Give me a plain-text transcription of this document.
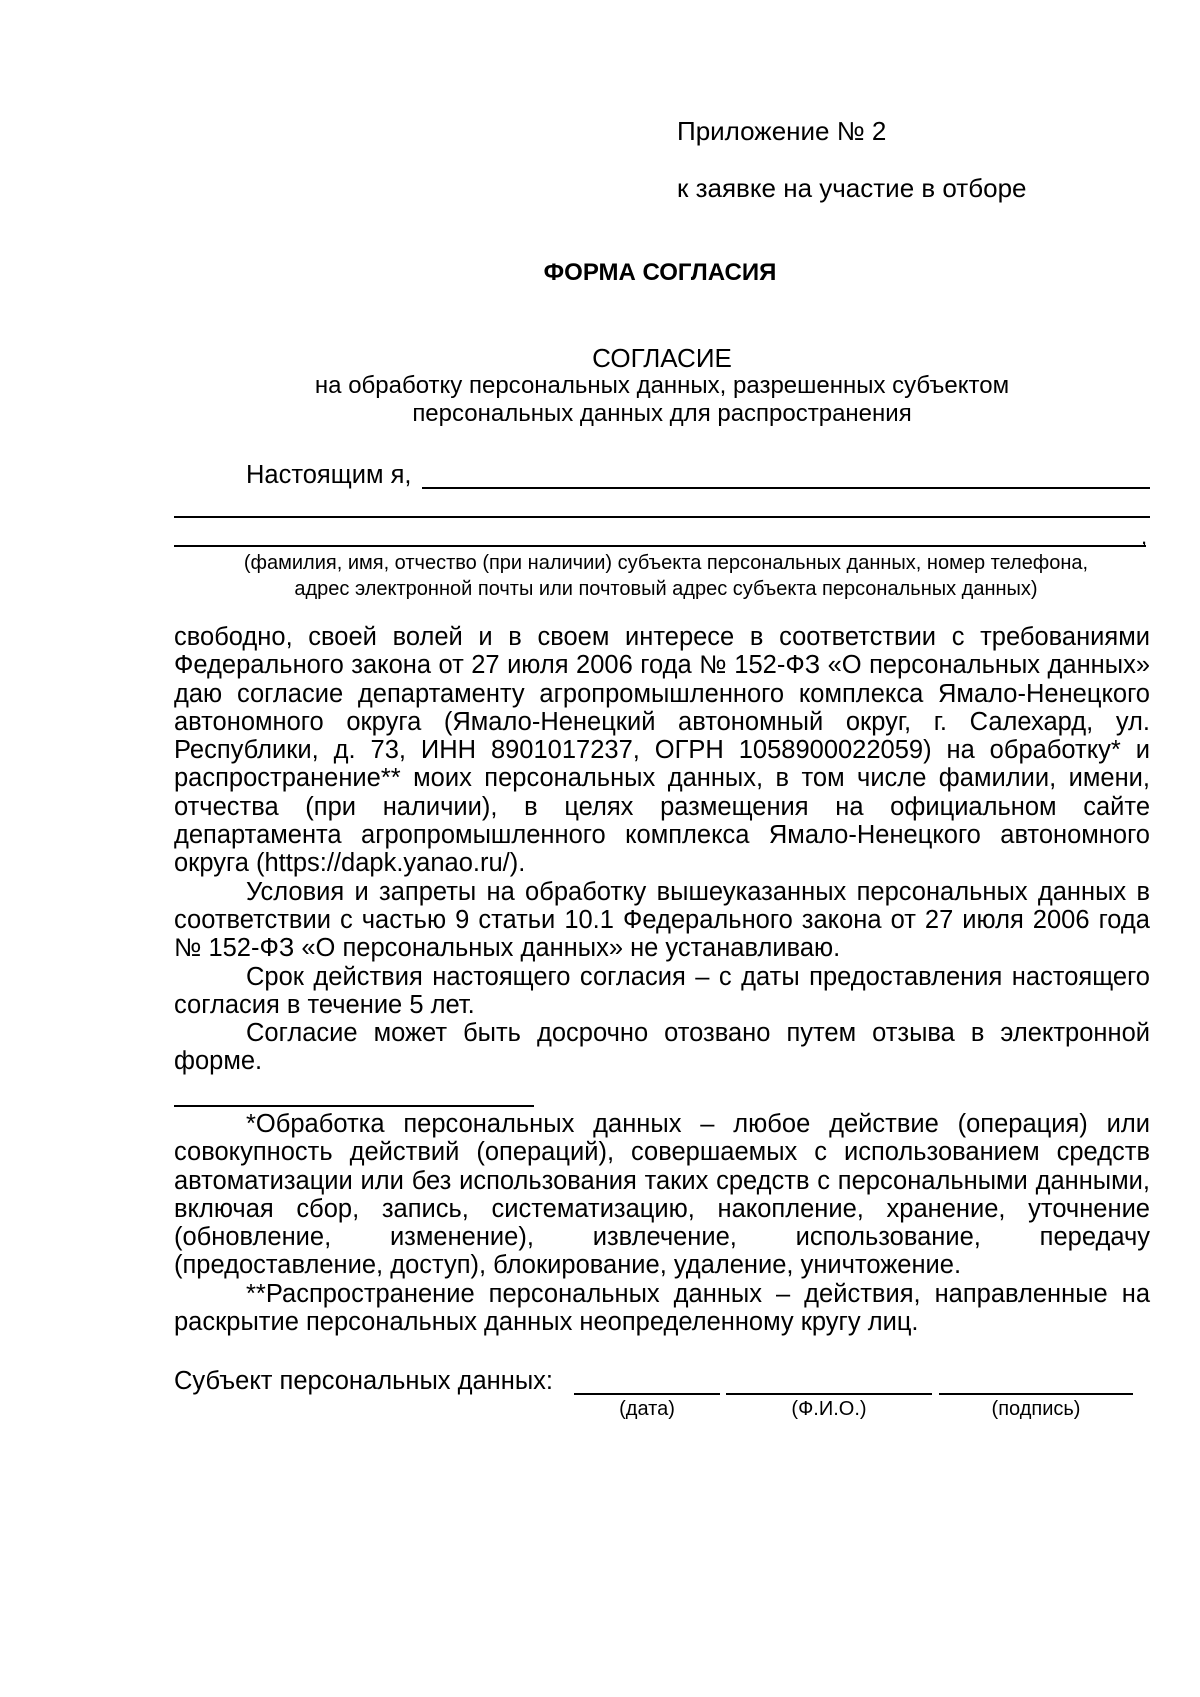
Приложение № 2
к заявке на участие в отборе
ФОРМА СОГЛАСИЯ
СОГЛАСИЕ
на обработку персональных данных, разрешенных субъектом
персональных данных для распространения
Настоящим я,
,
(фамилия, имя, отчество (при наличии) субъекта персональных данных, номер телефона, адрес электронной почты или почтовый адрес субъекта персональных данных)

свободно, своей волей и в своем интересе в соответствии с требованиями Федерального закона от 27 июля 2006 года № 152-ФЗ «О персональных данных» даю согласие департаменту агропромышленного комплекса Ямало-Ненецкого автономного округа (Ямало-Ненецкий автономный округ, г. Салехард, ул. Республики, д. 73, ИНН 8901017237, ОГРН 1058900022059) на обработку* и распространение** моих персональных данных, в том числе фамилии, имени, отчества (при наличии), в целях размещения на официальном сайте департамента агропромышленного комплекса Ямало-Ненецкого автономного округа (https://dapk.yanao.ru/).

Условия и запреты на обработку вышеуказанных персональных данных в соответствии с частью 9 статьи 10.1 Федерального закона от 27 июля 2006 года № 152-ФЗ «О персональных данных» не устанавливаю.

Срок действия настоящего согласия – с даты предоставления настоящего согласия в течение 5 лет.

Согласие может быть досрочно отозвано путем отзыва в электронной форме.

*Обработка персональных данных – любое действие (операция) или совокупность действий (операций), совершаемых с использованием средств автоматизации или без использования таких средств с персональными данными, включая сбор, запись, систематизацию, накопление, хранение, уточнение (обновление, изменение), извлечение, использование, передачу (предоставление, доступ), блокирование, удаление, уничтожение.

**Распространение персональных данных – действия, направленные на раскрытие персональных данных неопределенному кругу лиц.

Субъект персональных данных:
(дата)	(Ф.И.О.)	(подпись)
